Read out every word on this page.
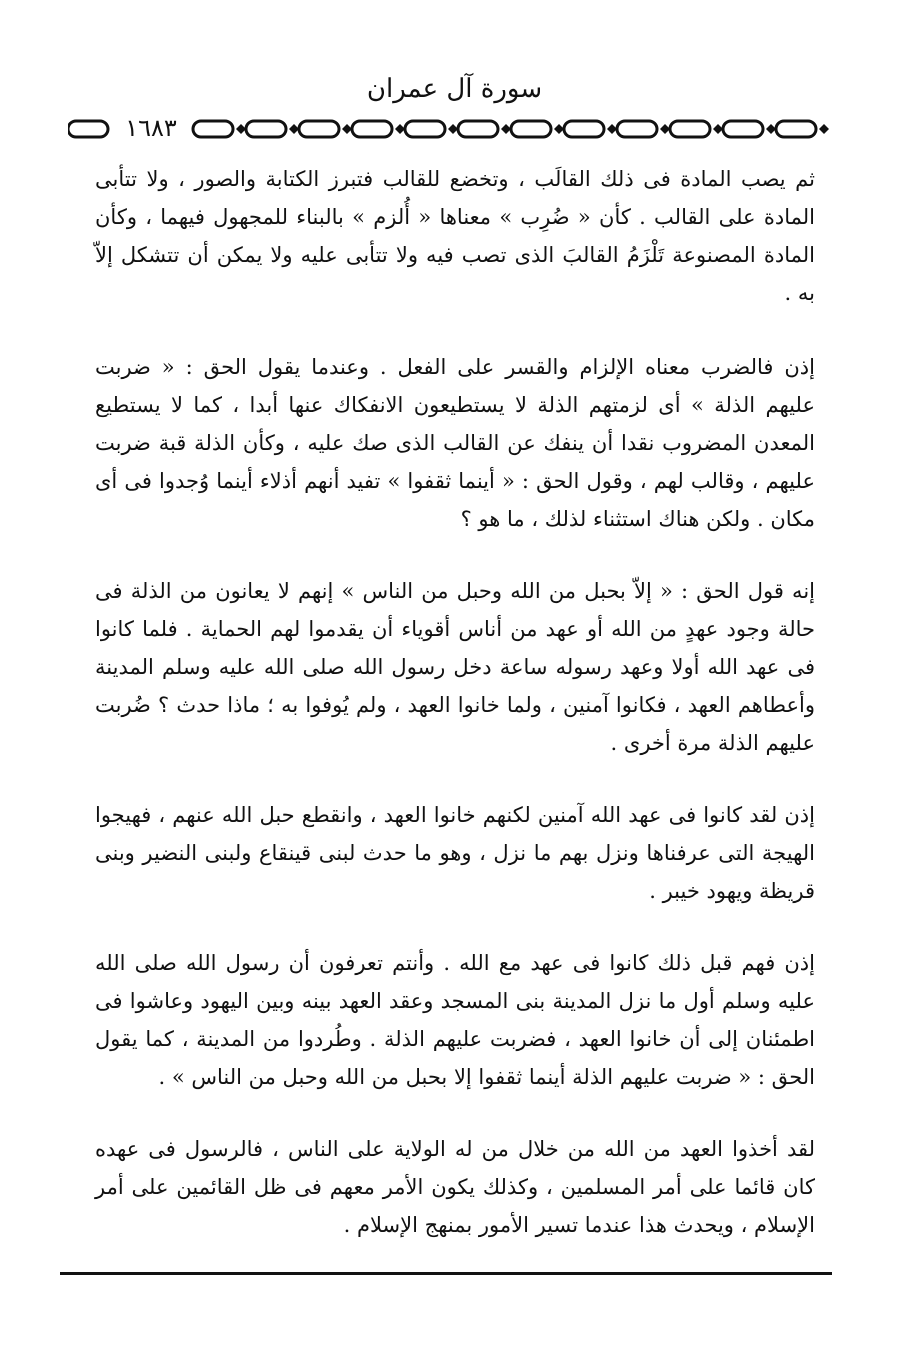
سورة آل عمران
١٦٨٣

ثم يصب المادة فى ذلك القالَب ، وتخضع للقالب فتبرز الكتابة والصور ، ولا تتأبى المادة على القالب . كأن « ضُرِب » معناها « أُلزم » بالبناء للمجهول فيهما ، وكأن المادة المصنوعة تَلْزَمُ القالبَ الذى تصب فيه ولا تتأبى عليه ولا يمكن أن تتشكل إلاّ به .

إذن فالضرب معناه الإلزام والقسر على الفعل . وعندما يقول الحق : « ضربت عليهم الذلة » أى لزمتهم الذلة لا يستطيعون الانفكاك عنها أبدا ، كما لا يستطيع المعدن المضروب نقدا أن ينفك عن القالب الذى صك عليه ، وكأن الذلة قبة ضربت عليهم ، وقالب لهم ، وقول الحق : « أينما ثقفوا » تفيد أنهم أذلاء أينما وُجدوا فى أى مكان . ولكن هناك استثناء لذلك ، ما هو ؟

إنه قول الحق : « إلاّ بحبل من الله وحبل من الناس » إنهم لا يعانون من الذلة فى حالة وجود عهدٍ من الله أو عهد من أناس أقوياء أن يقدموا لهم الحماية . فلما كانوا فى عهد الله أولا وعهد رسوله ساعة دخل رسول الله صلى الله عليه وسلم المدينة وأعطاهم العهد ، فكانوا آمنين ، ولما خانوا العهد ، ولم يُوفوا به ؛ ماذا حدث ؟ ضُربت عليهم الذلة مرة أخرى .

إذن لقد كانوا فى عهد الله آمنين لكنهم خانوا العهد ، وانقطع حبل الله عنهم ، فهيجوا الهيجة التى عرفناها ونزل بهم ما نزل ، وهو ما حدث لبنى قينقاع ولبنى النضير وبنى قريظة ويهود خيبر .

إذن فهم قبل ذلك كانوا فى عهد مع الله . وأنتم تعرفون أن رسول الله صلى الله عليه وسلم أول ما نزل المدينة بنى المسجد وعقد العهد بينه وبين اليهود وعاشوا فى اطمئنان إلى أن خانوا العهد ، فضربت عليهم الذلة . وطُردوا من المدينة ، كما يقول الحق : « ضربت عليهم الذلة أينما ثقفوا إلا بحبل من الله وحبل من الناس » .

لقد أخذوا العهد من الله من خلال من له الولاية على الناس ، فالرسول فى عهده كان قائما على أمر المسلمين ، وكذلك يكون الأمر معهم فى ظل القائمين على أمر الإسلام ، ويحدث هذا عندما تسير الأمور بمنهج الإسلام .
